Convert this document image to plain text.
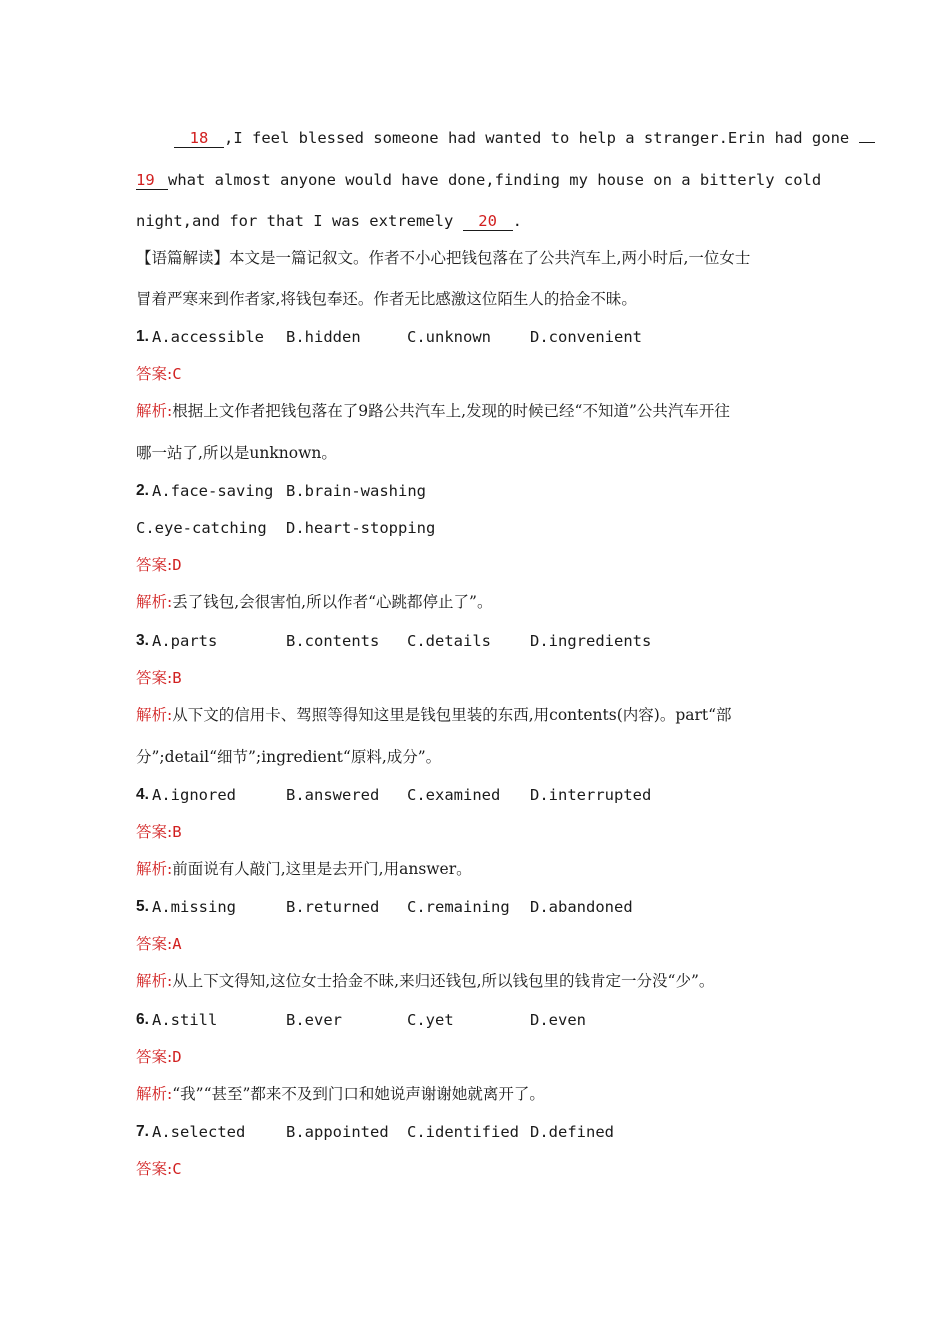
18 ,I feel blessed someone had wanted to help a stranger.Erin had gone
19 what almost anyone would have done,finding my house on a bitterly cold
night,and for that I was extremely 20 .
【语篇解读】本文是一篇记叙文。作者不小心把钱包落在了公共汽车上,两小时后,一位女士
冒着严寒来到作者家,将钱包奉还。作者无比感激这位陌生人的拾金不昧。
1. A.accessible B.hidden	C.unknown	D.convenient
答案:C
解析:根据上文作者把钱包落在了9路公共汽车上,发现的时候已经“不知道”公共汽车开往
哪一站了,所以是unknown。
2. A.face-saving B.brain-washing
C.eye-catching D.heart-stopping
答案:D
解析:丢了钱包,会很害怕,所以作者“心跳都停止了”。
3. A.parts	B.contents C.details	D.ingredients
答案:B
解析:从下文的信用卡、驾照等得知这里是钱包里装的东西,用contents(内容)。part“部
分”;detail“细节”;ingredient“原料,成分”。
4. A.ignored	B.answered C.examined D.interrupted
答案:B
解析:前面说有人敲门,这里是去开门,用answer。
5. A.missing	B.returned C.remaining D.abandoned
答案:A
解析:从上下文得知,这位女士拾金不昧,来归还钱包,所以钱包里的钱肯定一分没“少”。
6. A.still	B.ever	C.yet	D.even
答案:D
解析:“我”“甚至”都来不及到门口和她说声谢谢她就离开了。
7. A.selected	B.appointed C.identified D.defined
答案:C
